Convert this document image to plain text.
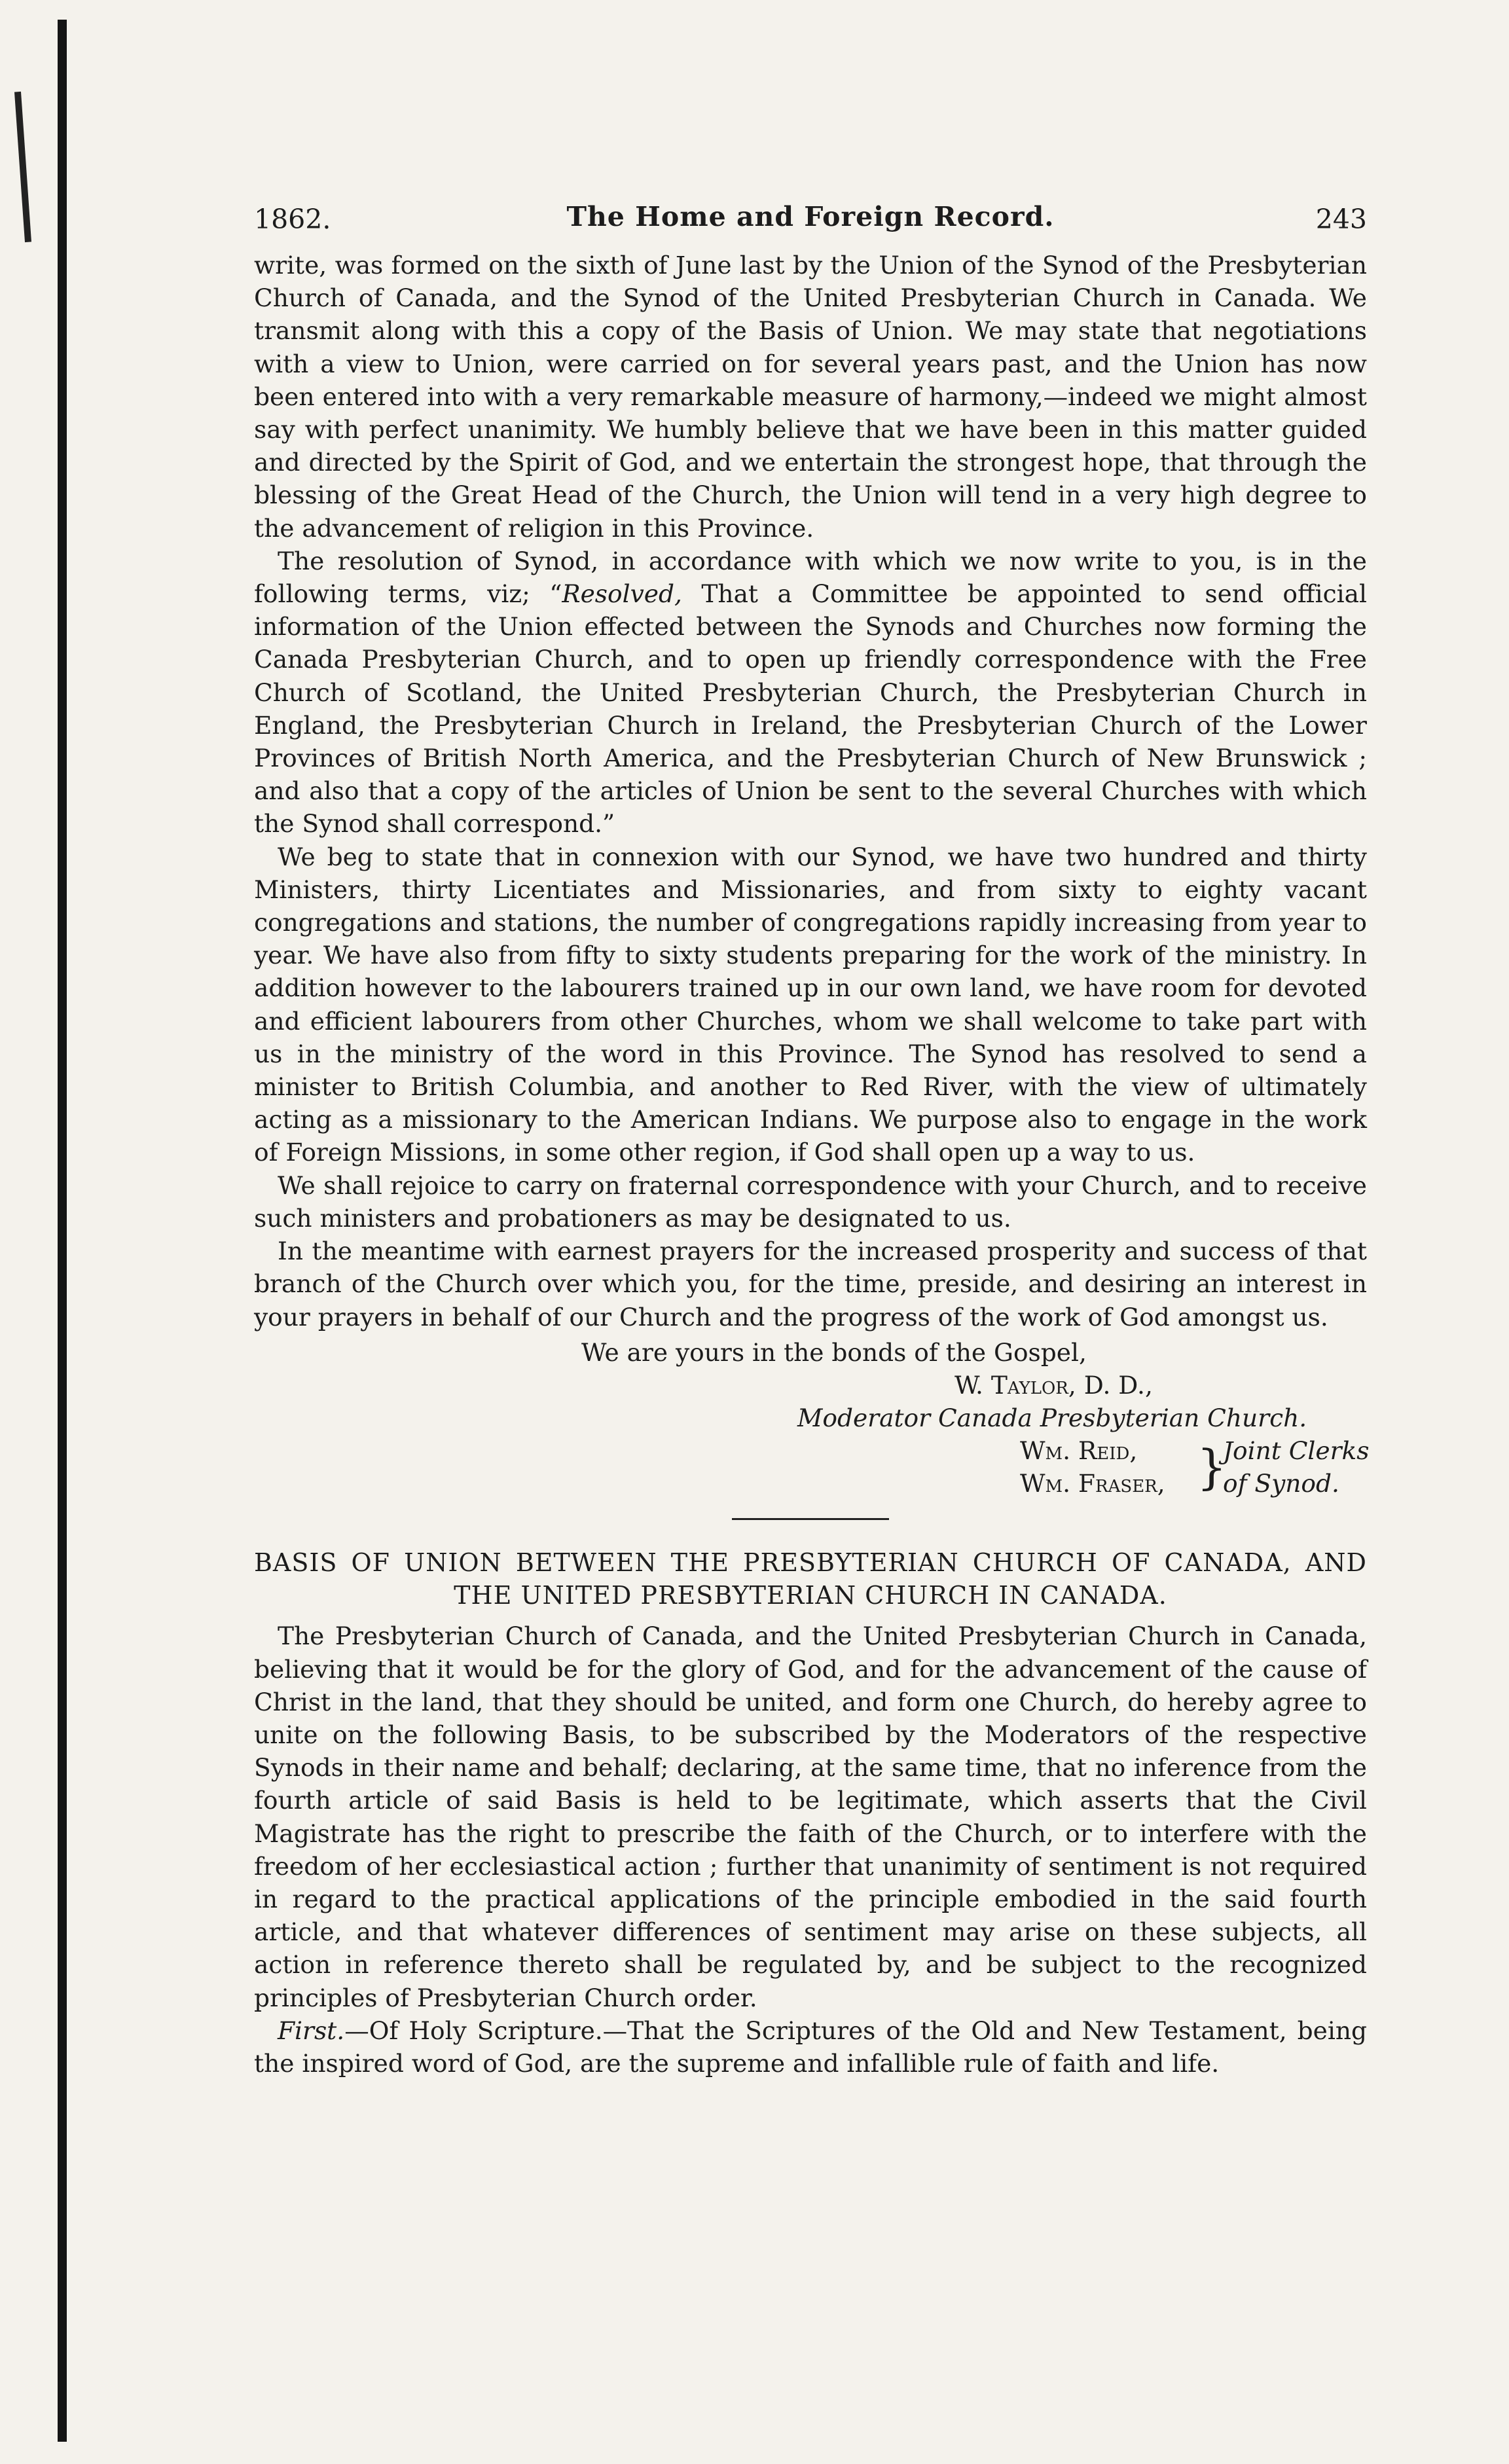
1862.	The Home and Foreign Record.	243

write, was formed on the sixth of June last by the Union of the Synod of the Presbyterian Church of Canada, and the Synod of the United Presbyterian Church in Canada. We transmit along with this a copy of the Basis of Union. We may state that negotiations with a view to Union, were carried on for several years past, and the Union has now been entered into with a very remarkable measure of harmony,—indeed we might almost say with perfect unanimity. We humbly believe that we have been in this matter guided and directed by the Spirit of God, and we entertain the strongest hope, that through the blessing of the Great Head of the Church, the Union will tend in a very high degree to the advancement of religion in this Province.

The resolution of Synod, in accordance with which we now write to you, is in the following terms, viz; “Resolved, That a Committee be appointed to send official information of the Union effected between the Synods and Churches now forming the Canada Presbyterian Church, and to open up friendly correspondence with the Free Church of Scotland, the United Presbyterian Church, the Presbyterian Church in England, the Presbyterian Church in Ireland, the Presbyterian Church of the Lower Provinces of British North America, and the Presbyterian Church of New Brunswick ; and also that a copy of the articles of Union be sent to the several Churches with which the Synod shall correspond.”

We beg to state that in connexion with our Synod, we have two hundred and thirty Ministers, thirty Licentiates and Missionaries, and from sixty to eighty vacant congregations and stations, the number of congregations rapidly increasing from year to year. We have also from fifty to sixty students preparing for the work of the ministry. In addition however to the labourers trained up in our own land, we have room for devoted and efficient labourers from other Churches, whom we shall welcome to take part with us in the ministry of the word in this Province. The Synod has resolved to send a minister to British Columbia, and another to Red River, with the view of ultimately acting as a missionary to the American Indians. We purpose also to engage in the work of Foreign Missions, in some other region, if God shall open up a way to us.

We shall rejoice to carry on fraternal correspondence with your Church, and to receive such ministers and probationers as may be designated to us.

In the meantime with earnest prayers for the increased prosperity and success of that branch of the Church over which you, for the time, preside, and desiring an interest in your prayers in behalf of our Church and the progress of the work of God amongst us.

We are yours in the bonds of the Gospel,
W. Taylor, D. D.,
Moderator Canada Presbyterian Church.
Wm. Reid,
Wm. Fraser, }
Joint Clerks
of Synod.
BASIS OF UNION BETWEEN THE PRESBYTERIAN CHURCH OF CANADA, AND THE UNITED PRESBYTERIAN CHURCH IN CANADA.

The Presbyterian Church of Canada, and the United Presbyterian Church in Canada, believing that it would be for the glory of God, and for the advancement of the cause of Christ in the land, that they should be united, and form one Church, do hereby agree to unite on the following Basis, to be subscribed by the Moderators of the respective Synods in their name and behalf; declaring, at the same time, that no inference from the fourth article of said Basis is held to be legitimate, which asserts that the Civil Magistrate has the right to prescribe the faith of the Church, or to interfere with the freedom of her ecclesiastical action ; further that unanimity of sentiment is not required in regard to the practical applications of the principle embodied in the said fourth article, and that whatever differences of sentiment may arise on these subjects, all action in reference thereto shall be regulated by, and be subject to the recognized principles of Presbyterian Church order.

First.—Of Holy Scripture.—That the Scriptures of the Old and New Testament, being the inspired word of God, are the supreme and infallible rule of faith and life.
